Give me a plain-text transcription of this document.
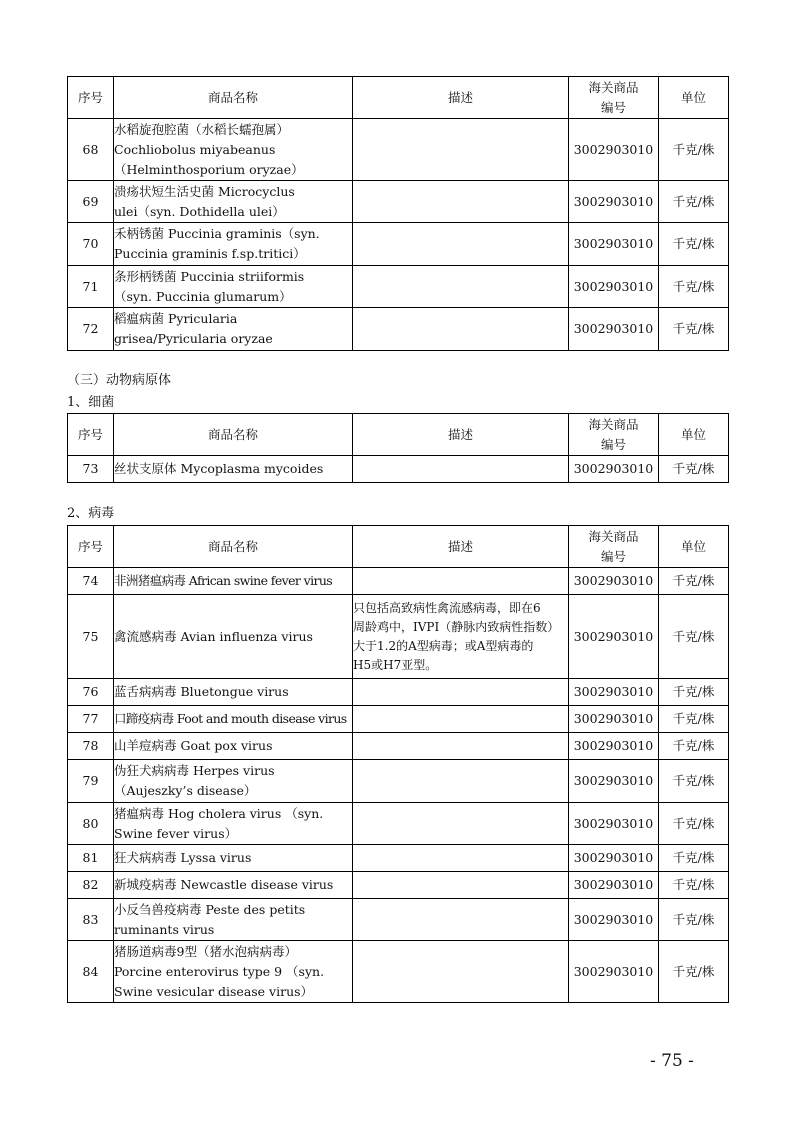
序号	商品名称	描述	海关商品
编号	单位
68	水稻旋孢腔菌（水稻长蠕孢属）
Cochliobolus miyabeanus
（Helminthosporium oryzae）		3002903010	千克/株
69	溃疡状短生活史菌 Microcyclus
ulei（syn. Dothidella ulei）		3002903010	千克/株
70	禾柄锈菌 Puccinia graminis（syn.
Puccinia graminis f.sp.tritici）		3002903010	千克/株
71	条形柄锈菌 Puccinia striiformis
（syn. Puccinia glumarum）		3002903010	千克/株
72	稻瘟病菌 Pyricularia
grisea/Pyricularia oryzae		3002903010	千克/株
（三）动物病原体
1、细菌
序号	商品名称	描述	海关商品
编号	单位
73	丝状支原体 Mycoplasma mycoides		3002903010	千克/株
2、病毒
序号	商品名称	描述	海关商品
编号	单位
74	非洲猪瘟病毒 African swine fever virus		3002903010	千克/株
75	禽流感病毒 Avian influenza virus	只包括高致病性禽流感病毒，即在6
周龄鸡中，IVPI（静脉内致病性指数）
大于1.2的A型病毒；或A型病毒的
H5或H7亚型。	3002903010	千克/株
76	蓝舌病病毒 Bluetongue virus		3002903010	千克/株
77	口蹄疫病毒 Foot and mouth disease virus		3002903010	千克/株
78	山羊痘病毒 Goat pox virus		3002903010	千克/株
79	伪狂犬病病毒 Herpes virus
（Aujeszky’s disease）		3002903010	千克/株
80	猪瘟病毒 Hog cholera virus （syn.
Swine fever virus）		3002903010	千克/株
81	狂犬病病毒 Lyssa virus		3002903010	千克/株
82	新城疫病毒 Newcastle disease virus		3002903010	千克/株
83	小反刍兽疫病毒 Peste des petits
ruminants virus		3002903010	千克/株
84	猪肠道病毒9型（猪水泡病病毒）
Porcine enterovirus type 9 （syn.
Swine vesicular disease virus）		3002903010	千克/株
- 75 -
